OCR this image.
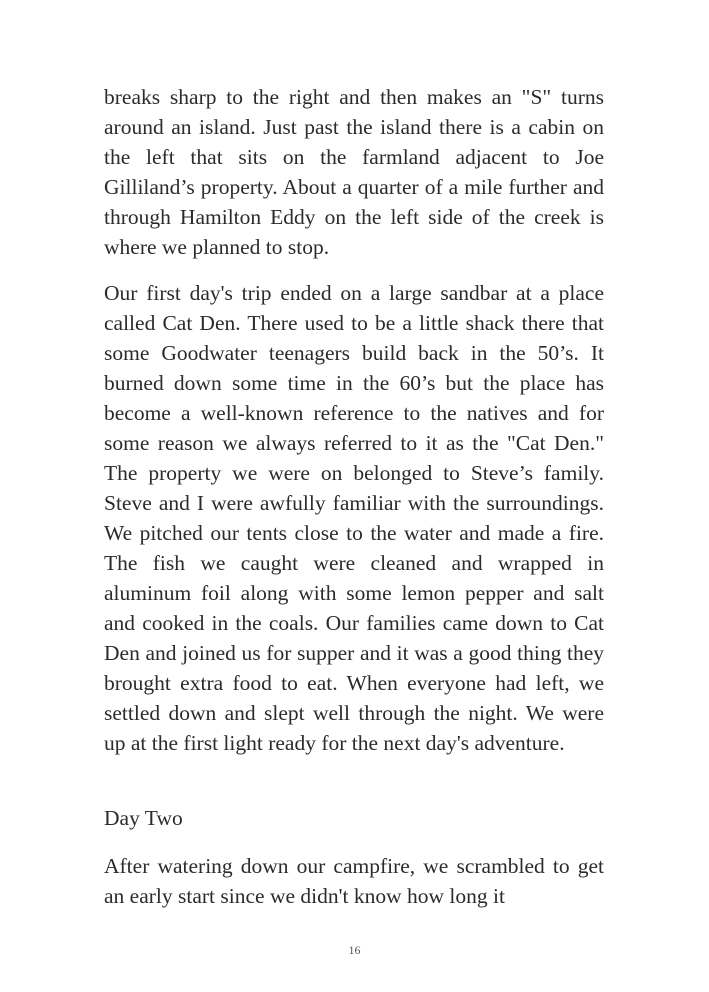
breaks sharp to the right and then makes an "S" turns around an island. Just past the island there is a cabin on the left that sits on the farmland adjacent to Joe Gilliland’s property. About a quarter of a mile further and through Hamilton Eddy on the left side of the creek is where we planned to stop.

Our first day's trip ended on a large sandbar at a place called Cat Den. There used to be a little shack there that some Goodwater teenagers build back in the 50’s. It burned down some time in the 60’s but the place has become a well-known reference to the natives and for some reason we always referred to it as the "Cat Den." The property we were on belonged to Steve’s family. Steve and I were awfully familiar with the surroundings. We pitched our tents close to the water and made a fire. The fish we caught were cleaned and wrapped in aluminum foil along with some lemon pepper and salt and cooked in the coals. Our families came down to Cat Den and joined us for supper and it was a good thing they brought extra food to eat. When everyone had left, we settled down and slept well through the night. We were up at the first light ready for the next day's adventure.

Day Two

After watering down our campfire, we scrambled to get an early start since we didn't know how long it

16
